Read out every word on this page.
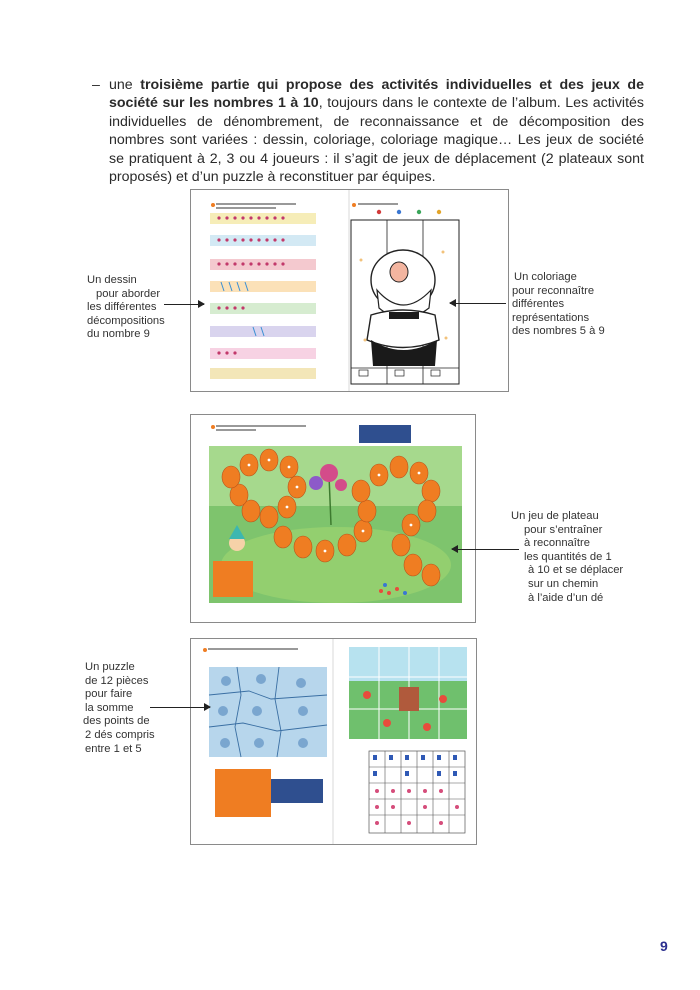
– une troisième partie qui propose des activités individuelles et des jeux de société sur les nombres 1 à 10, toujours dans le contexte de l’album. Les activités individuelles de dénombrement, de reconnaissance et de décomposition des nombres sont variées : dessin, coloriage, coloriage magique… Les jeux de société se pratiquent à 2, 3 ou 4 joueurs : il s’agit de jeux de déplacement (2 plateaux sont proposés) et d’un puzzle à reconstituer par équipes.
Un dessin
pour aborder
les différentes
décompositions
du nombre 9
Un coloriage
pour reconnaître
différentes
représentations
des nombres 5 à 9
Un jeu de plateau
pour s’entraîner
à reconnaître
les quantités de 1
à 10 et se déplacer
sur un chemin
à l’aide d’un dé
Un puzzle
de 12 pièces
pour faire
la somme
des points de
2 dés compris
entre 1 et 5
9
